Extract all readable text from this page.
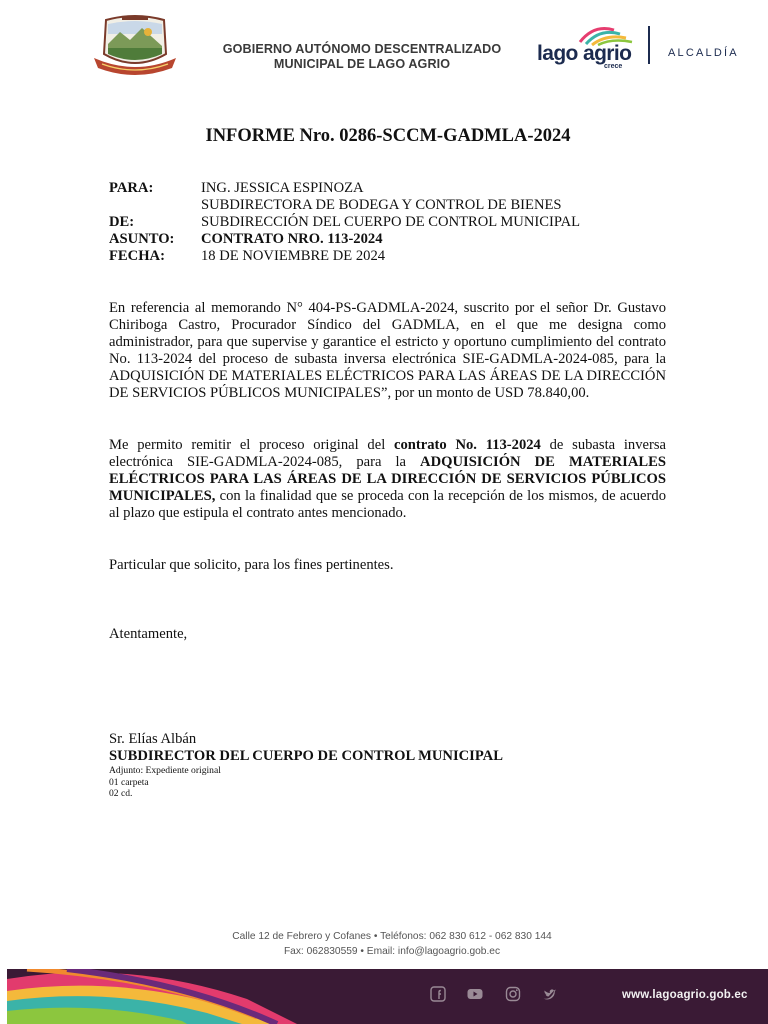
GOBIERNO AUTÓNOMO DESCENTRALIZADO
MUNICIPAL DE LAGO AGRIO	lago agrio
crece
ALCALDÍA
INFORME Nro. 0286-SCCM-GADMLA-2024
PARA:	ING. JESSICA ESPINOZA
SUBDIRECTORA DE BODEGA Y CONTROL DE BIENES
DE:	SUBDIRECCIÓN DEL CUERPO DE CONTROL MUNICIPAL
ASUNTO: CONTRATO NRO. 113-2024
FECHA: 18 DE NOVIEMBRE DE 2024
En referencia al memorando N° 404-PS-GADMLA-2024, suscrito por el señor Dr. Gustavo Chiriboga Castro, Procurador Síndico del GADMLA, en el que me designa como administrador, para que supervise y garantice el estricto y oportuno cumplimiento del contrato No. 113-2024 del proceso de subasta inversa electrónica SIE-GADMLA-2024-085, para la ADQUISICIÓN DE MATERIALES ELÉCTRICOS PARA LAS ÁREAS DE LA DIRECCIÓN DE SERVICIOS PÚBLICOS MUNICIPALES”, por un monto de USD 78.840,00.
Me permito remitir el proceso original del contrato No. 113-2024 de subasta inversa electrónica SIE-GADMLA-2024-085, para la ADQUISICIÓN DE MATERIALES ELÉCTRICOS PARA LAS ÁREAS DE LA DIRECCIÓN DE SERVICIOS PÚBLICOS MUNICIPALES, con la finalidad que se proceda con la recepción de los mismos, de acuerdo al plazo que estipula el contrato antes mencionado.
Particular que solicito, para los fines pertinentes.
Atentamente,
Sr. Elías Albán
SUBDIRECTOR DEL CUERPO DE CONTROL MUNICIPAL
Adjunto: Expediente original
01 carpeta
02 cd.
Calle 12 de Febrero y Cofanes • Teléfonos: 062 830 612 - 062 830 144
Fax: 062830559 • Email: info@lagoagrio.gob.ec
www.lagoagrio.gob.ec
